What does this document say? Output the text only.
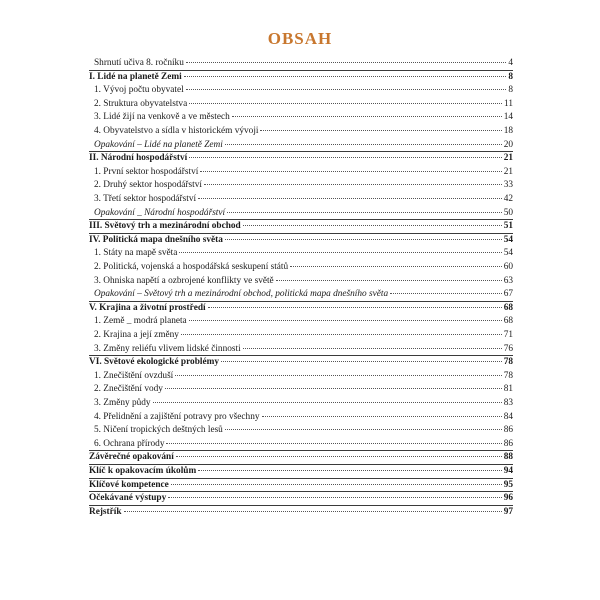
OBSAH
Shrnutí učiva 8. ročníku	4
I. Lidé na planetě Zemi	8
1. Vývoj počtu obyvatel	8
2. Struktura obyvatelstva	11
3. Lidé žijí na venkově a ve městech	14
4. Obyvatelstvo a sídla v historickém vývoji	18
Opakování – Lidé na planetě Zemi	20
II. Národní hospodářství	21
1. První sektor hospodářství	21
2. Druhý sektor hospodářství	33
3. Třetí sektor hospodářství	42
Opakování _ Národní hospodářství	50
III. Světový trh a mezinárodní obchod	51
IV. Politická mapa dnešního světa	54
1. Státy na mapě světa	54
2. Politická, vojenská a hospodářská seskupení států	60
3. Ohniska napětí a ozbrojené konflikty ve světě	63
Opakování – Světový trh a mezinárodní obchod, politická mapa dnešního světa	67
V. Krajina a životní prostředí	68
1. Země _ modrá planeta	68
2. Krajina a její změny	71
3. Změny reliéfu vlivem lidské činnosti	76
VI. Světové ekologické problémy	78
1. Znečištění ovzduší	78
2. Znečištění vody	81
3. Změny půdy	83
4. Přelidnění a zajištění potravy pro všechny	84
5. Ničení tropických deštných lesů	86
6. Ochrana přírody	86
Závěrečné opakování	88
Klíč k opakovacím úkolům	94
Klíčové kompetence	95
Očekávané výstupy	96
Rejstřík	97
